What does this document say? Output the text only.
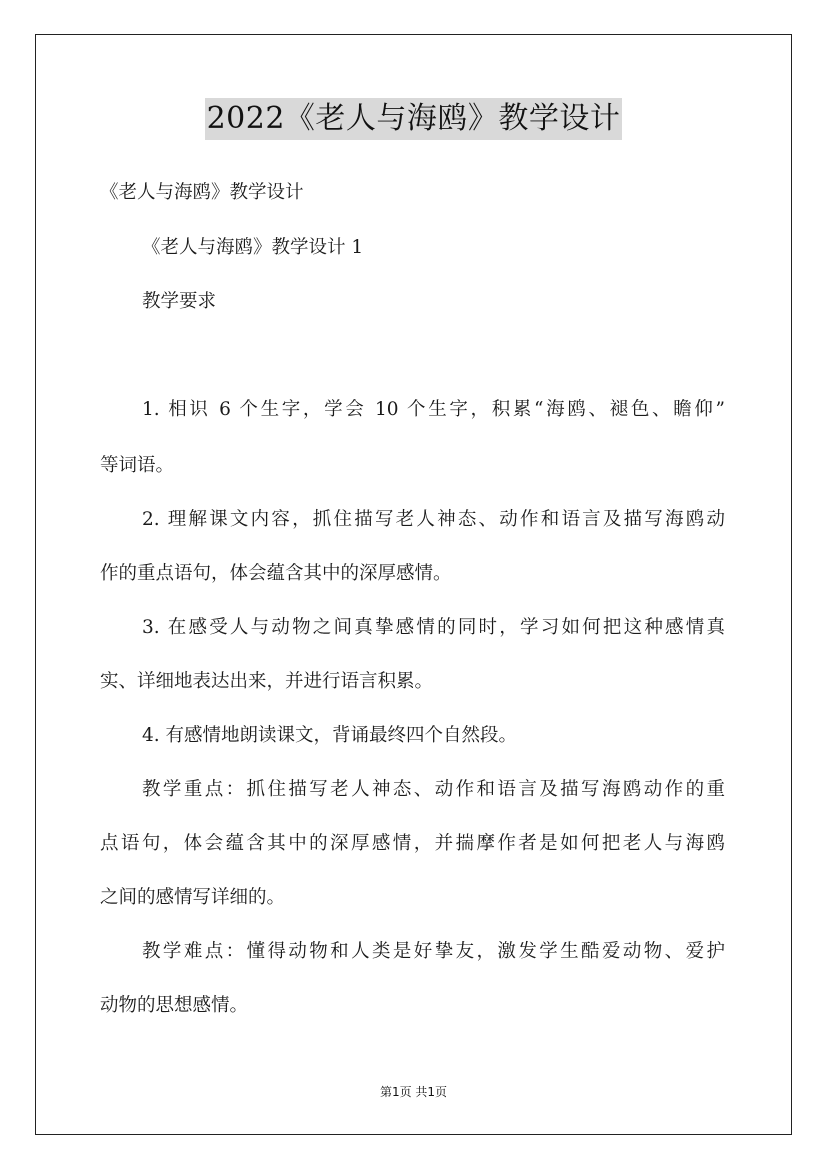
2022《老人与海鸥》教学设计
《老人与海鸥》教学设计
《老人与海鸥》教学设计 1
教学要求
1. 相识 6 个生字，学会 10 个生字，积累“海鸥、褪色、瞻仰”
等词语。
2. 理解课文内容，抓住描写老人神态、动作和语言及描写海鸥动
作的重点语句，体会蕴含其中的深厚感情。
3. 在感受人与动物之间真挚感情的同时，学习如何把这种感情真
实、详细地表达出来，并进行语言积累。
4. 有感情地朗读课文，背诵最终四个自然段。
教学重点：抓住描写老人神态、动作和语言及描写海鸥动作的重
点语句，体会蕴含其中的深厚感情，并揣摩作者是如何把老人与海鸥
之间的感情写详细的。
教学难点：懂得动物和人类是好挚友，激发学生酷爱动物、爱护
动物的思想感情。
第1页 共1页
